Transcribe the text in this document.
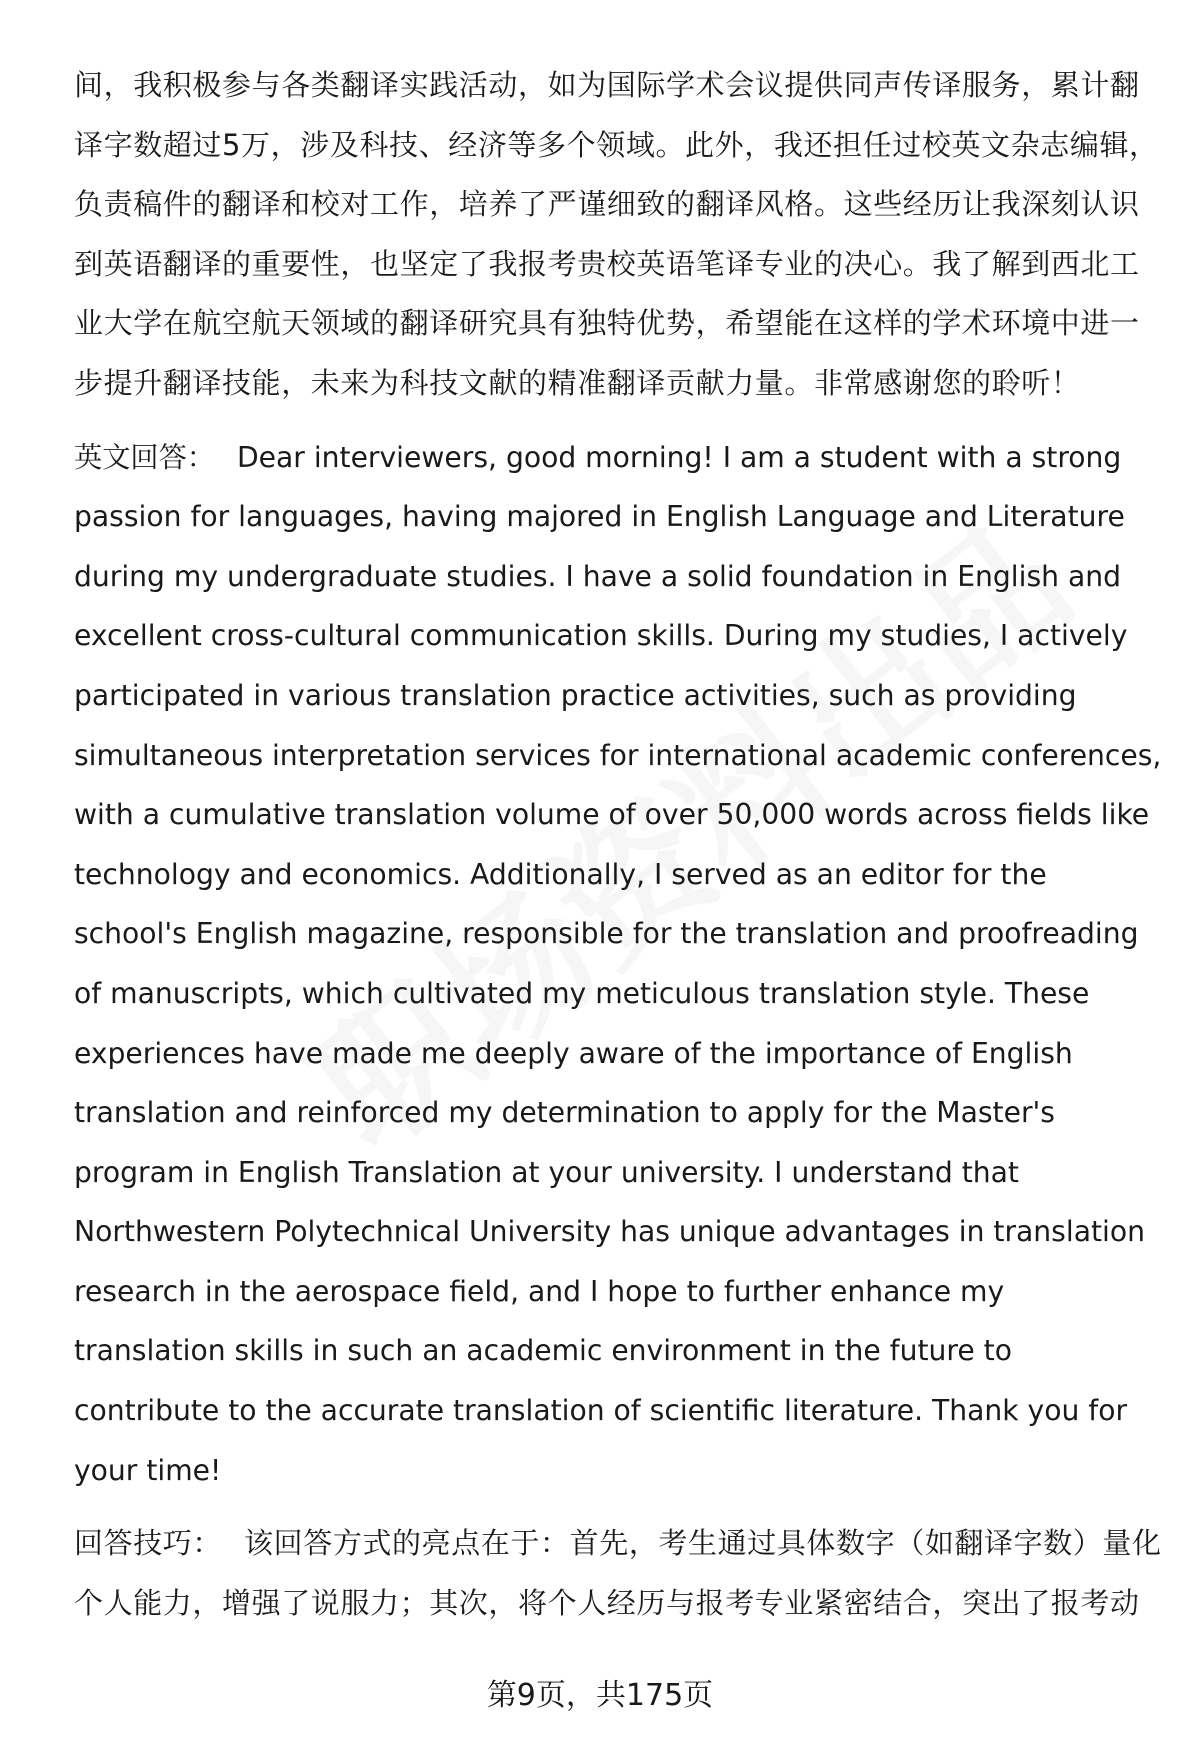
间，我积极参与各类翻译实践活动，如为国际学术会议提供同声传译服务，累计翻译字数超过5万，涉及科技、经济等多个领域。此外，我还担任过校英文杂志编辑，负责稿件的翻译和校对工作，培养了严谨细致的翻译风格。这些经历让我深刻认识到英语翻译的重要性，也坚定了我报考贵校英语笔译专业的决心。我了解到西北工业大学在航空航天领域的翻译研究具有独特优势，希望能在这样的学术环境中进一步提升翻译技能，未来为科技文献的精准翻译贡献力量。非常感谢您的聆听！

英文回答： Dear interviewers, good morning! I am a student with a strong passion for languages, having majored in English Language and Literature during my undergraduate studies. I have a solid foundation in English and excellent cross-cultural communication skills. During my studies, I actively participated in various translation practice activities, such as providing simultaneous interpretation services for international academic conferences, with a cumulative translation volume of over 50,000 words across fields like technology and economics. Additionally, I served as an editor for the school's English magazine, responsible for the translation and proofreading of manuscripts, which cultivated my meticulous translation style. These experiences have made me deeply aware of the importance of English translation and reinforced my determination to apply for the Master's program in English Translation at your university. I understand that Northwestern Polytechnical University has unique advantages in translation research in the aerospace field, and I hope to further enhance my translation skills in such an academic environment in the future to contribute to the accurate translation of scientific literature. Thank you for your time!

回答技巧： 该回答方式的亮点在于：首先，考生通过具体数字（如翻译字数）量化个人能力，增强了说服力；其次，将个人经历与报考专业紧密结合，突出了报考动

第9页，共175页
